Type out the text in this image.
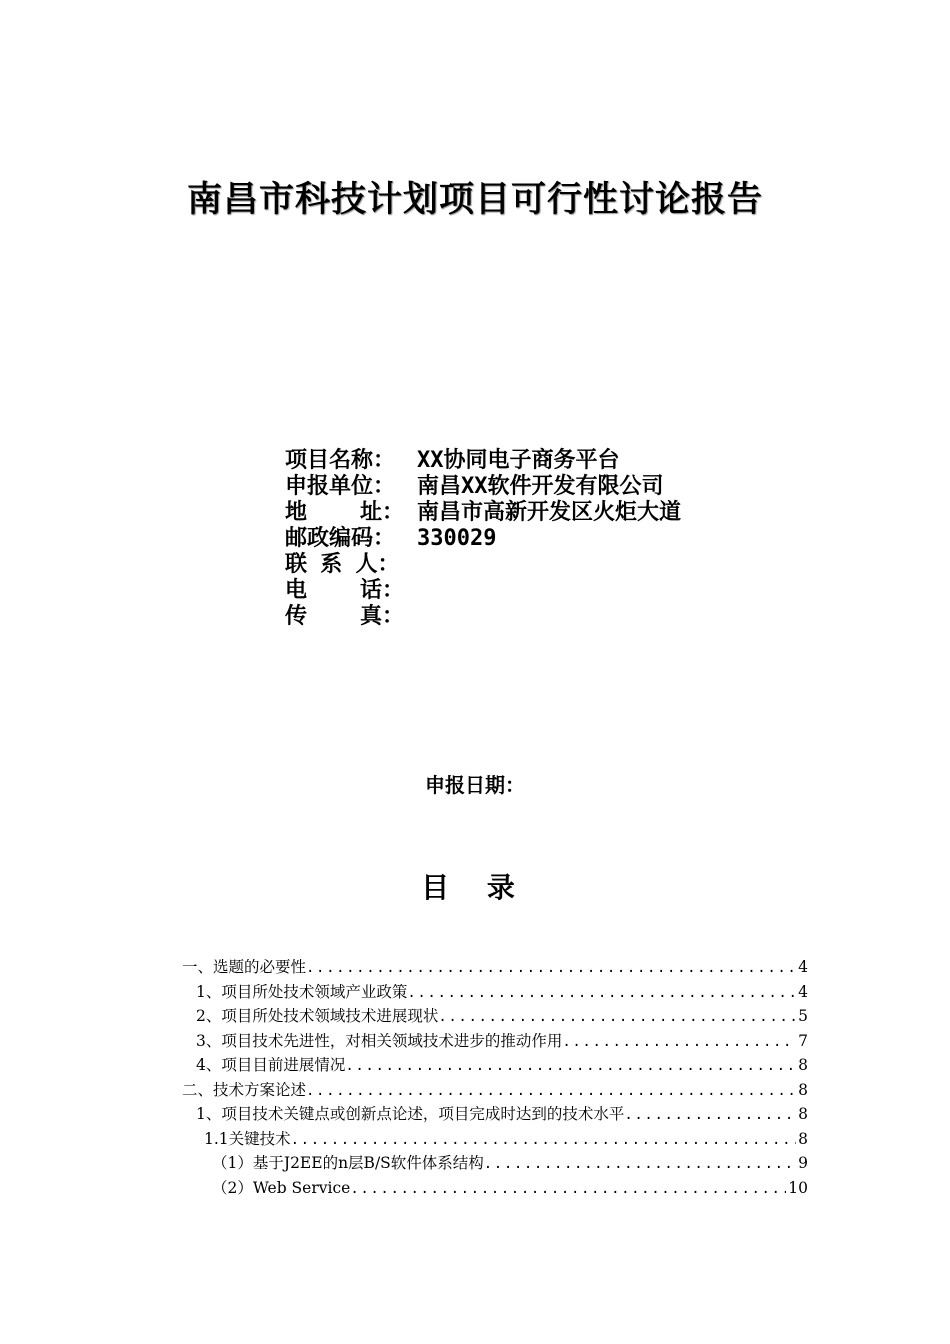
南昌市科技计划项目可行性讨论报告

项目名称： XX协同电子商务平台

申报单位： 南昌XX软件开发有限公司

地    址： 南昌市高新开发区火炬大道

邮政编码： 330029

联 系 人：

电    话：

传    真：

申报日期：
目 录
一、选题的必要性 .....	4
1、项目所处技术领域产业政策 .....	4
2、项目所处技术领域技术进展现状 .....	5
3、项目技术先进性，对相关领域技术进步的推动作用 .....	7
4、项目目前进展情况 .....	8
二、技术方案论述 .....	8
1、项目技术关键点或创新点论述，项目完成时达到的技术水平 .....	8
1.1关键技术 .....	8
（1）基于J2EE的n层B/S软件体系结构 .....	9
（2）Web Service .....	10
